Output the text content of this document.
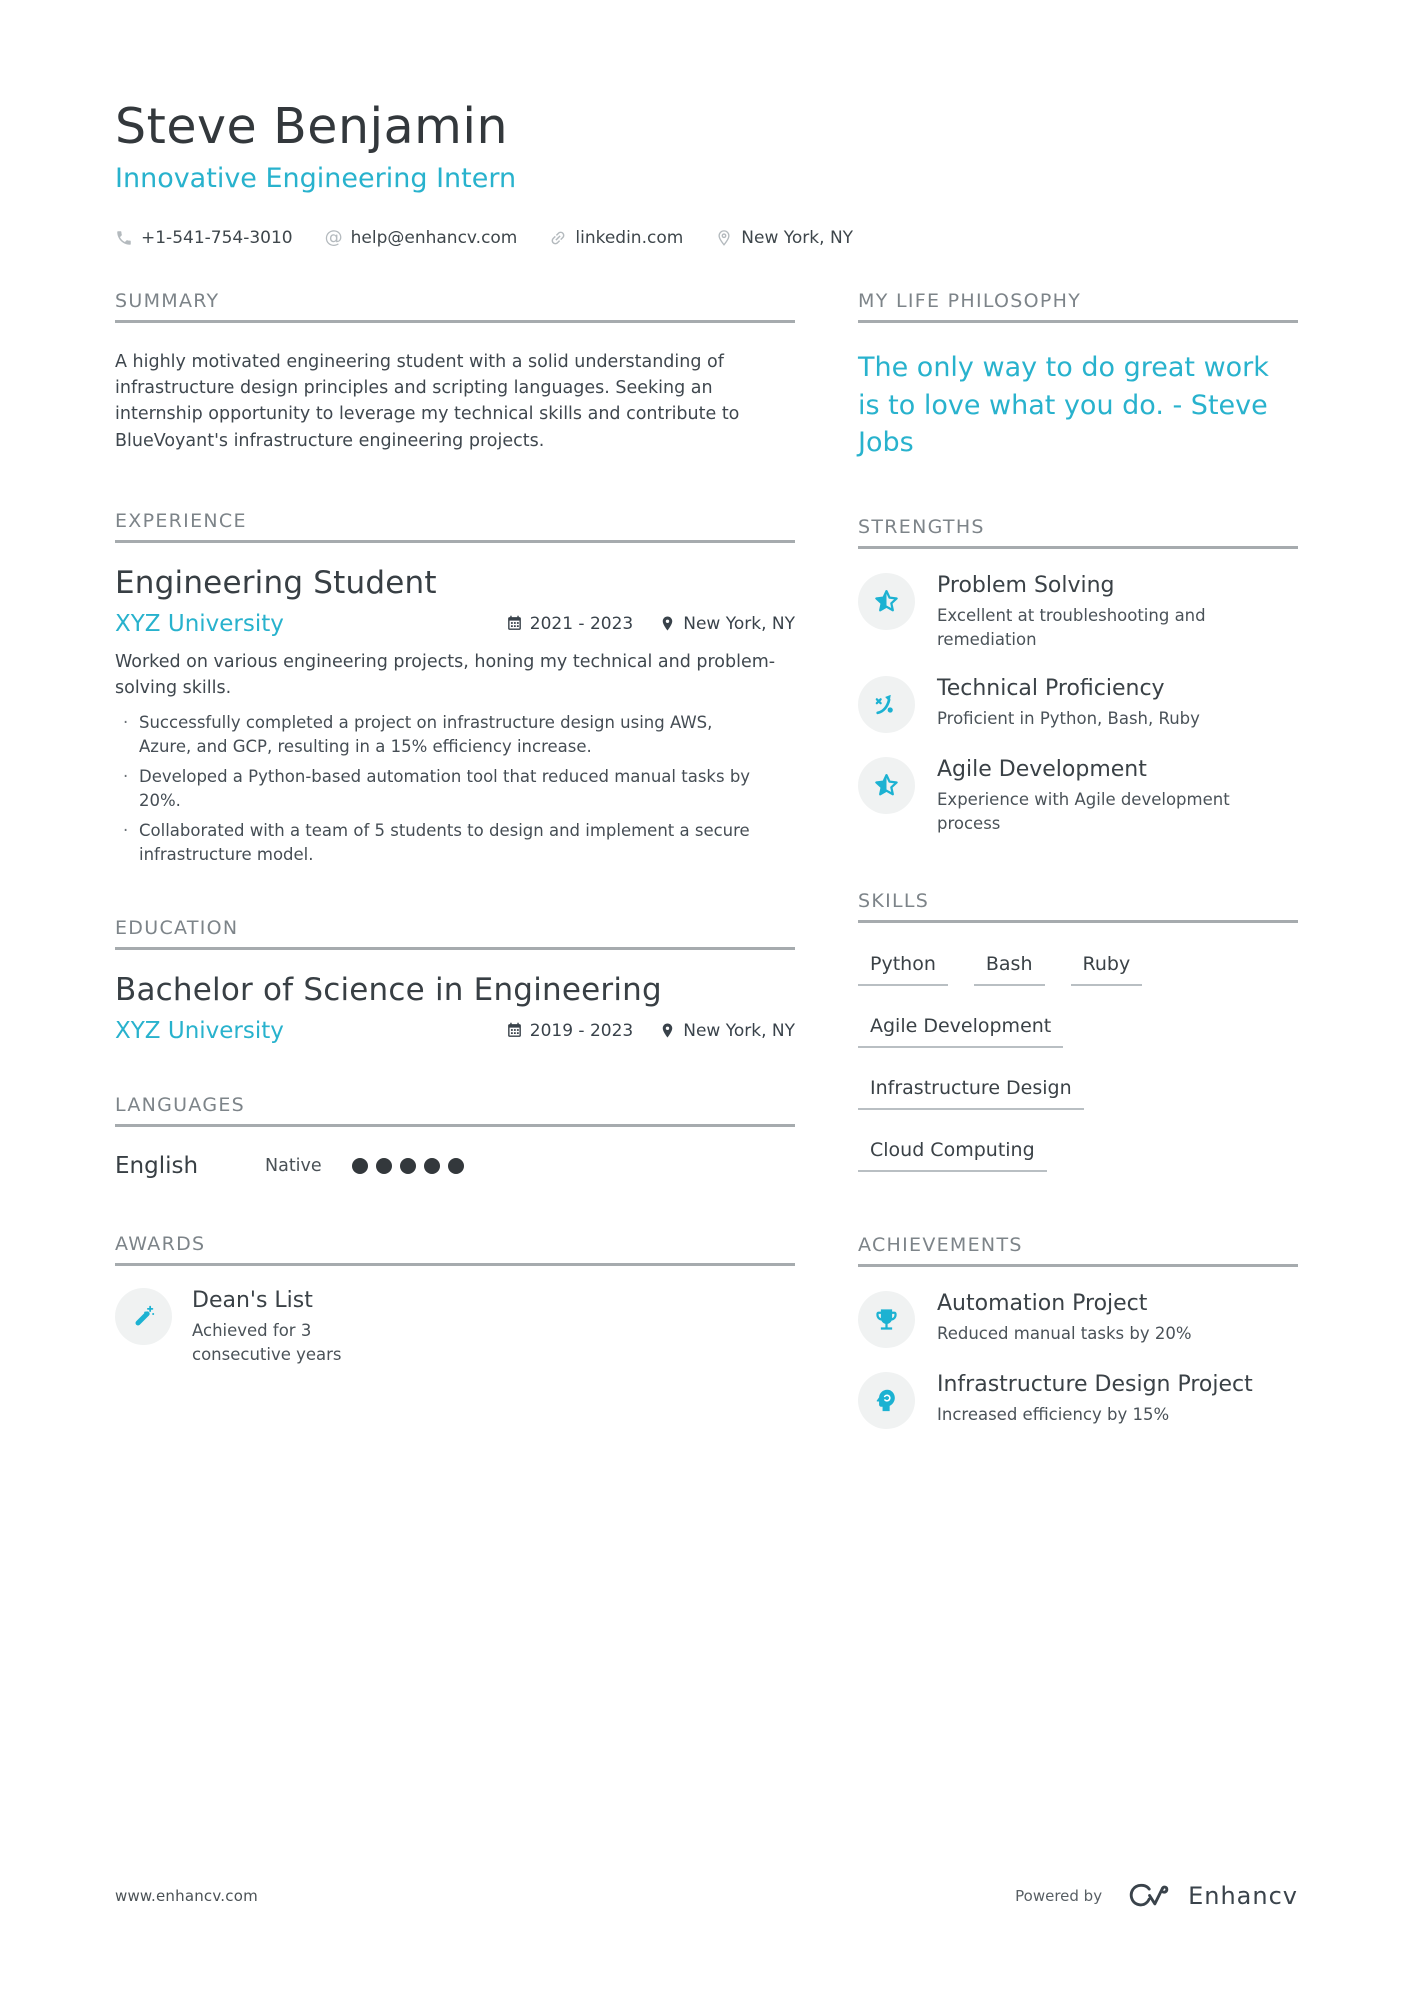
Steve Benjamin
Innovative Engineering Intern
+1-541-754-3010 @ help@enhancv.com	linkedin.com	New York, NY
SUMMARY

A highly motivated engineering student with a solid understanding of infrastructure design principles and scripting languages. Seeking an internship opportunity to leverage my technical skills and contribute to BlueVoyant's infrastructure engineering projects.

EXPERIENCE
Engineering Student
XYZ University	2021 - 2023	New York, NY

Worked on various engineering projects, honing my technical and problem-solving skills.

· Successfully completed a project on infrastructure design using AWS, Azure, and GCP, resulting in a 15% efficiency increase.
· Developed a Python-based automation tool that reduced manual tasks by 20%.
· Collaborated with a team of 5 students to design and implement a secure infrastructure model.
EDUCATION
Bachelor of Science in Engineering
XYZ University	2019 - 2023	New York, NY
LANGUAGES
English	Native
AWARDS
Dean's List

Achieved for 3 consecutive years

MY LIFE PHILOSOPHY

The only way to do great work is to love what you do. - Steve Jobs

STRENGTHS
Problem Solving

Excellent at troubleshooting and remediation

Technical Proficiency

Proficient in Python, Bash, Ruby

Agile Development

Experience with Agile development process

SKILLS
Python	Bash	Ruby
Agile Development
Infrastructure Design
Cloud Computing
ACHIEVEMENTS
Automation Project

Reduced manual tasks by 20%

Infrastructure Design Project

Increased efficiency by 15%

www.enhancv.com	Powered by	Enhancv
